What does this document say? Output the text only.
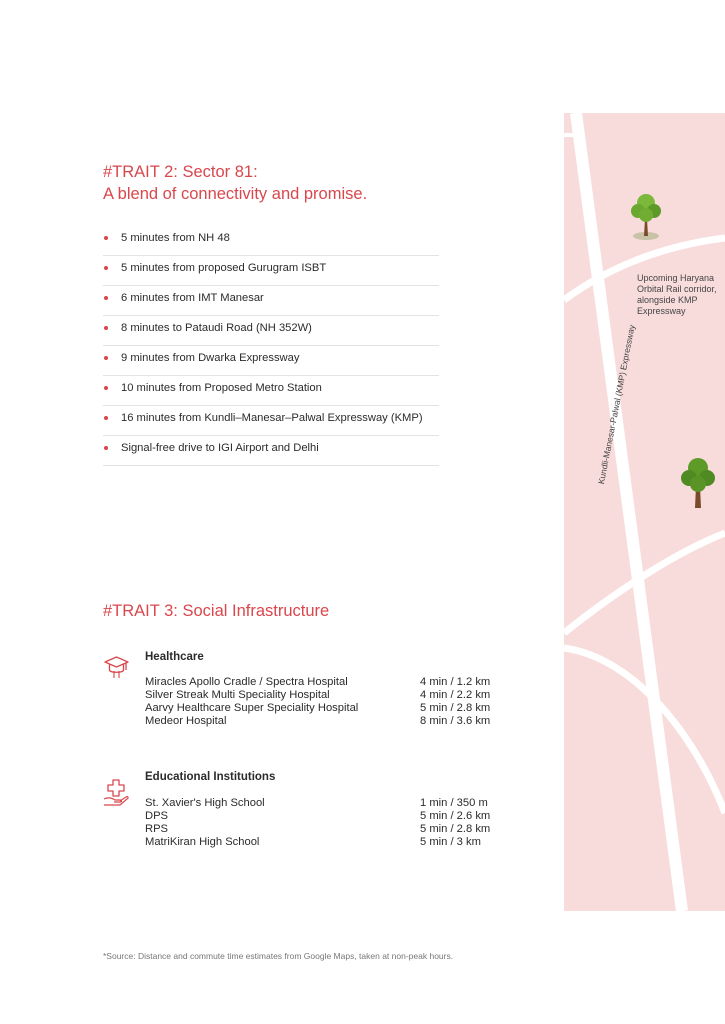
#TRAIT 2: Sector 81:
A blend of connectivity and promise.
5 minutes from NH 48
5 minutes from proposed Gurugram ISBT
6 minutes from IMT Manesar
8 minutes to Pataudi Road (NH 352W)
9 minutes from Dwarka Expressway
10 minutes from Proposed Metro Station
16 minutes from Kundli–Manesar–Palwal Expressway (KMP)
Signal-free drive to IGI Airport and Delhi
#TRAIT 3: Social Infrastructure
Healthcare
Miracles Apollo Cradle / Spectra Hospital	4 min / 1.2 km
Silver Streak Multi Speciality Hospital	4 min / 2.2 km
Aarvy Healthcare Super Speciality Hospital	5 min / 2.8 km
Medeor Hospital	8 min / 3.6 km
Educational Institutions
St. Xavier's High School	1 min / 350 m
DPS	5 min / 2.6 km
RPS	5 min / 2.8 km
MatriKiran High School	5 min / 3 km
*Source: Distance and commute time estimates from Google Maps, taken at non-peak hours.
Upcoming Haryana Orbital Rail corridor, alongside KMP Expressway
Kundli-Manesar-Palwal (KMP) Expressway
